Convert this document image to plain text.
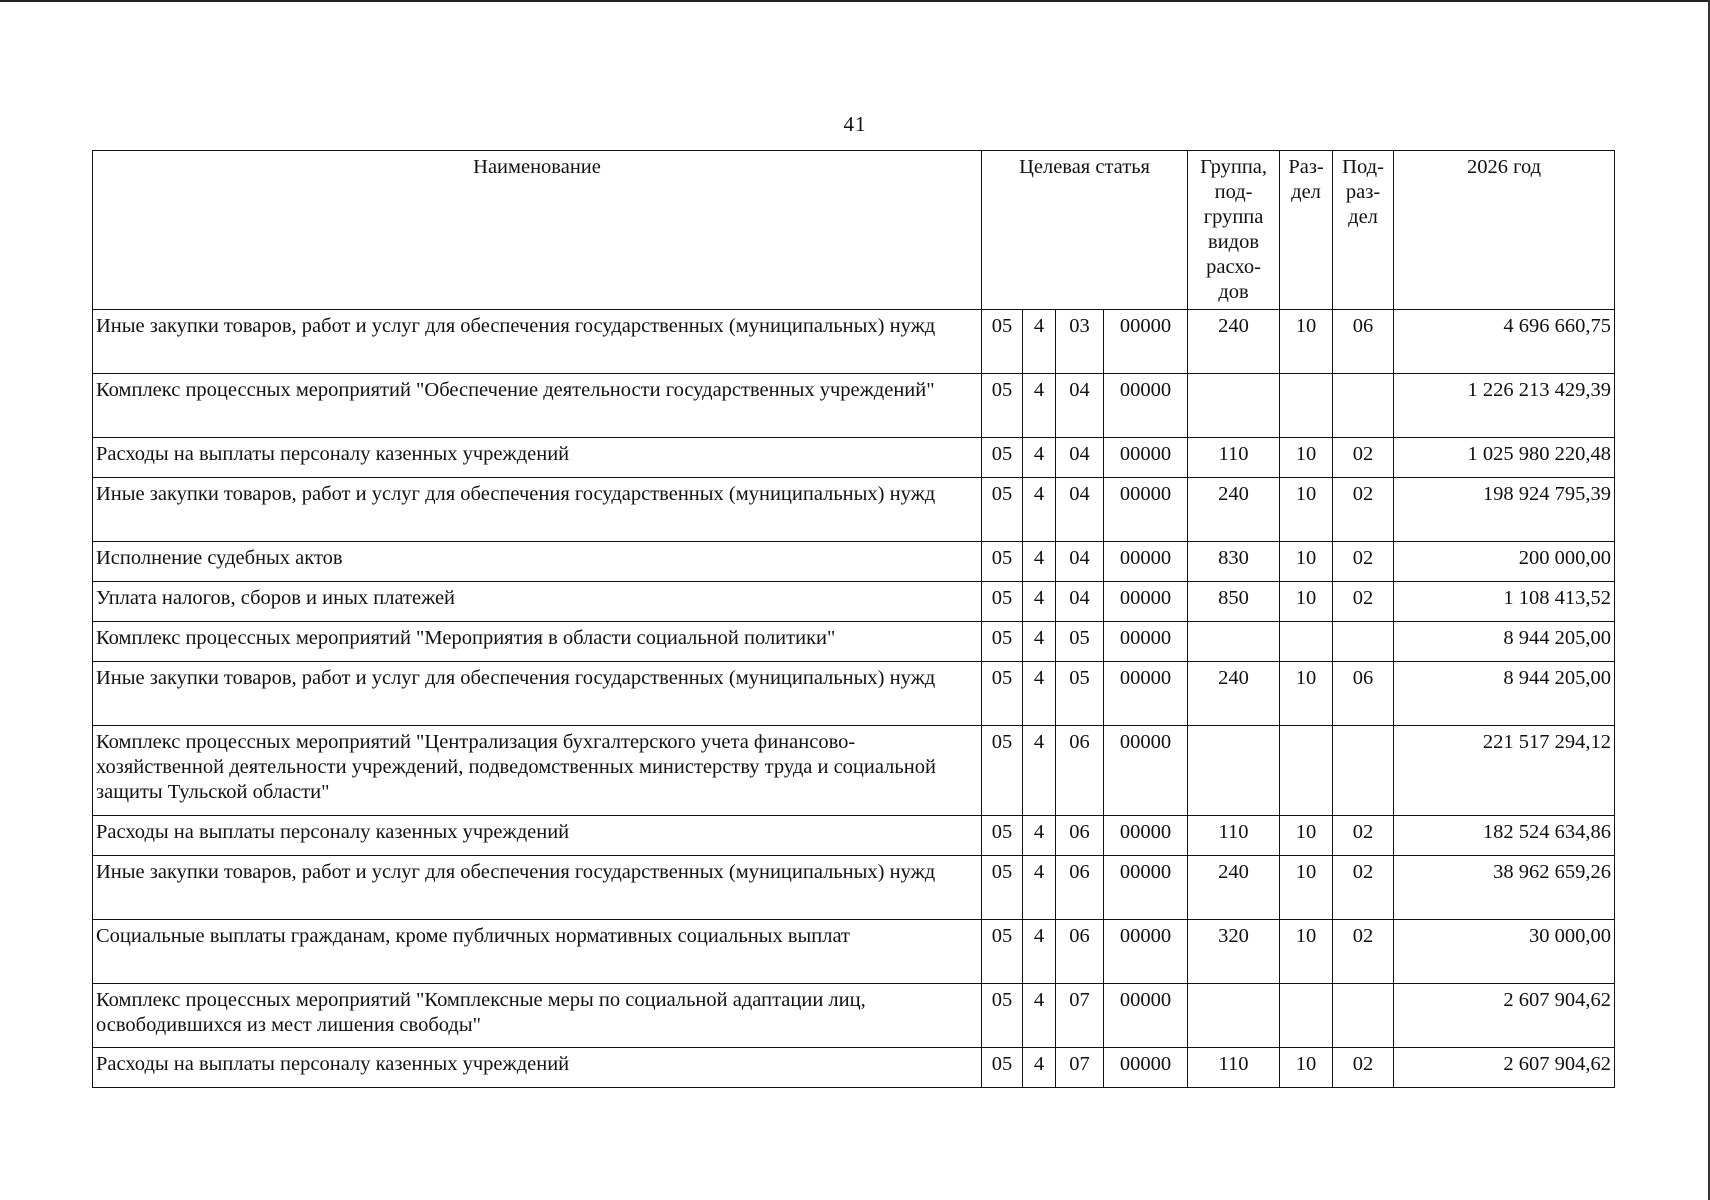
41
Наименование	Целевая статья				Группа, под-группа видов расхо-дов	Раз-дел	Под-раз-дел	2026 год
Иные закупки товаров, работ и услуг для обеспечения государственных (муниципальных) нужд	05	4	03	00000	240	10	06	4 696 660,75
Комплекс процессных мероприятий "Обеспечение деятельности государственных учреждений"	05	4	04	00000				1 226 213 429,39
Расходы на выплаты персоналу казенных учреждений	05	4	04	00000	110	10	02	1 025 980 220,48
Иные закупки товаров, работ и услуг для обеспечения государственных (муниципальных) нужд	05	4	04	00000	240	10	02	198 924 795,39
Исполнение судебных актов	05	4	04	00000	830	10	02	200 000,00
Уплата налогов, сборов и иных платежей	05	4	04	00000	850	10	02	1 108 413,52
Комплекс процессных мероприятий "Мероприятия в области социальной политики"	05	4	05	00000				8 944 205,00
Иные закупки товаров, работ и услуг для обеспечения государственных (муниципальных) нужд	05	4	05	00000	240	10	06	8 944 205,00
Комплекс процессных мероприятий "Централизация бухгалтерского учета финансово-хозяйственной деятельности учреждений, подведомственных министерству труда и социальной защиты Тульской области"	05	4	06	00000				221 517 294,12
Расходы на выплаты персоналу казенных учреждений	05	4	06	00000	110	10	02	182 524 634,86
Иные закупки товаров, работ и услуг для обеспечения государственных (муниципальных) нужд	05	4	06	00000	240	10	02	38 962 659,26
Социальные выплаты гражданам, кроме публичных нормативных социальных выплат	05	4	06	00000	320	10	02	30 000,00
Комплекс процессных мероприятий "Комплексные меры по социальной адаптации лиц, освободившихся из мест лишения свободы"	05	4	07	00000				2 607 904,62
Расходы на выплаты персоналу казенных учреждений	05	4	07	00000	110	10	02	2 607 904,62
